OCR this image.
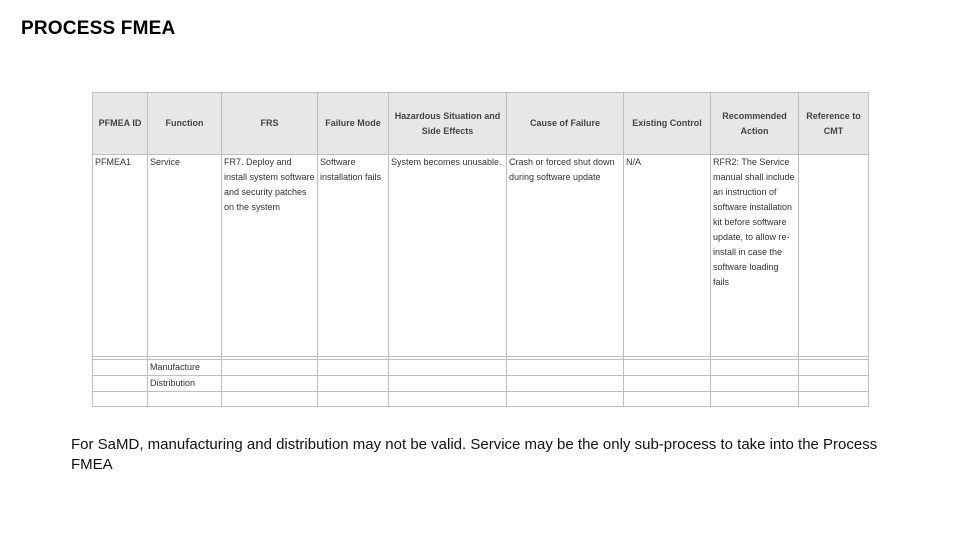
PROCESS FMEA
PFMEA ID	Function	FRS	Failure Mode	Hazardous Situation and Side Effects	Cause of Failure	Existing Control	Recommended Action	Reference to CMT
PFMEA1	Service	FR7. Deploy and install system software and security patches on the system	Software installation fails	System becomes unusable.	Crash or forced shut down during software update	N/A	RFR2: The Service manual shall include an instruction of software installation kit before software update, to allow re-install in case the software loading fails	

	Manufacture							
	Distribution							

For SaMD, manufacturing and distribution may not be valid. Service may be the only sub-process to take into the Process FMEA
